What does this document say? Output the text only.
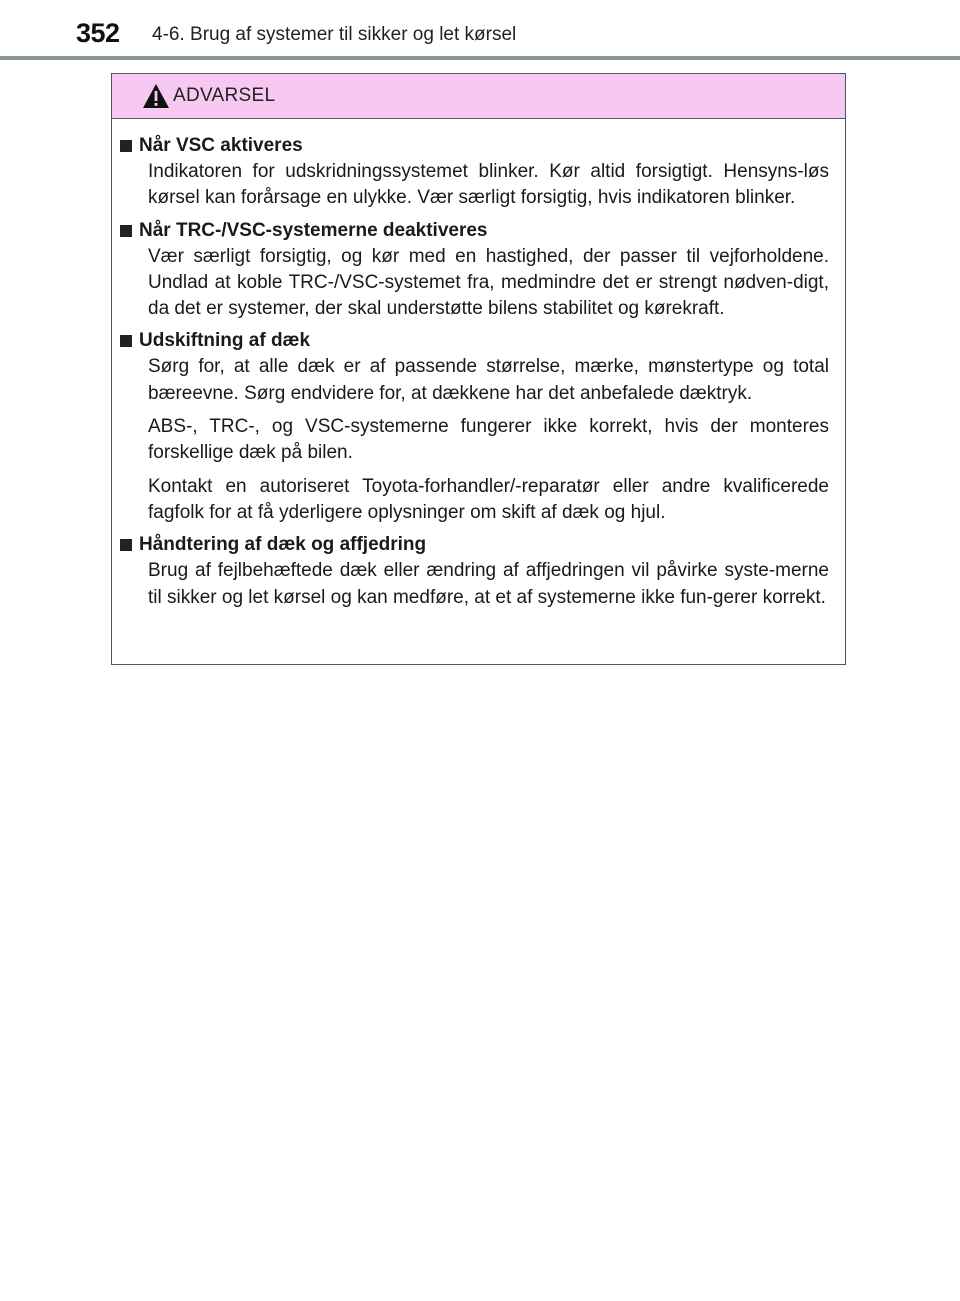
352 4-6. Brug af systemer til sikker og let kørsel
ADVARSEL
Når VSC aktiveres

Indikatoren for udskridningssystemet blinker. Kør altid forsigtigt. Hensyns-løs kørsel kan forårsage en ulykke. Vær særligt forsigtig, hvis indikatoren blinker.

Når TRC-/VSC-systemerne deaktiveres

Vær særligt forsigtig, og kør med en hastighed, der passer til vejforholdene. Undlad at koble TRC-/VSC-systemet fra, medmindre det er strengt nødven-digt, da det er systemer, der skal understøtte bilens stabilitet og kørekraft.

Udskiftning af dæk

Sørg for, at alle dæk er af passende størrelse, mærke, mønstertype og total bæreevne. Sørg endvidere for, at dækkene har det anbefalede dæktryk.

ABS-, TRC-, og VSC-systemerne fungerer ikke korrekt, hvis der monteres forskellige dæk på bilen.

Kontakt en autoriseret Toyota-forhandler/-reparatør eller andre kvalificerede fagfolk for at få yderligere oplysninger om skift af dæk og hjul.

Håndtering af dæk og affjedring

Brug af fejlbehæftede dæk eller ændring af affjedringen vil påvirke syste-merne til sikker og let kørsel og kan medføre, at et af systemerne ikke fun-gerer korrekt.
